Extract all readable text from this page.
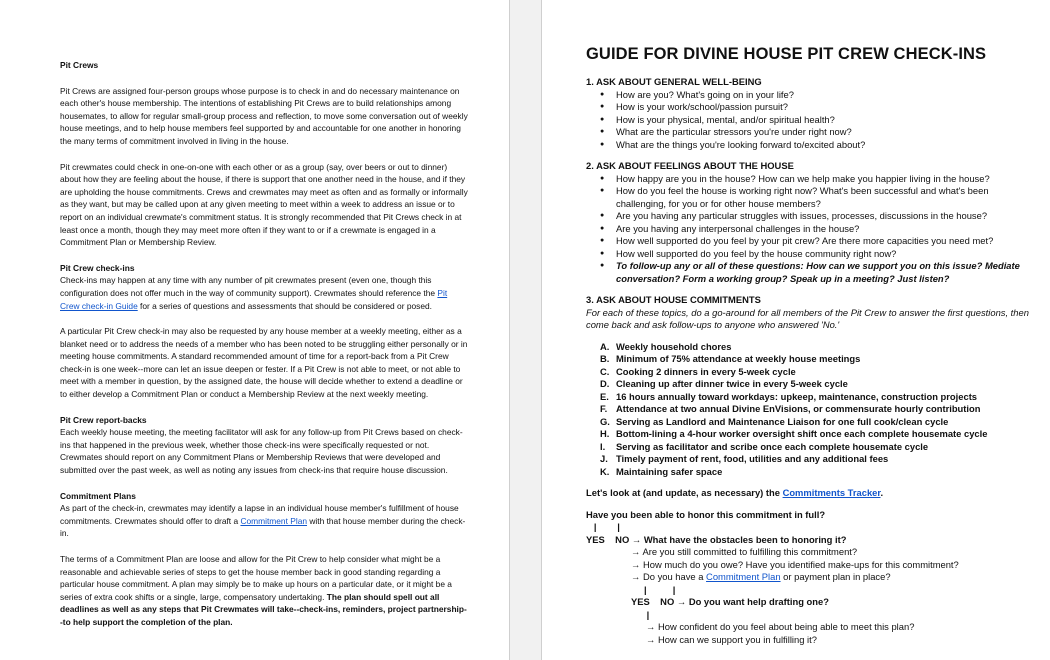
Pit Crews

Pit Crews are assigned four-person groups whose purpose is to check in and do necessary maintenance on each other's house membership. The intentions of establishing Pit Crews are to build relationships among housemates, to allow for regular small-group process and reflection, to move some conversation out of weekly house meetings, and to help house members feel supported by and accountable for one another in honoring the many terms of commitment involved in living in the house.

Pit crewmates could check in one-on-one with each other or as a group (say, over beers or out to dinner) about how they are feeling about the house, if there is support that one another need in the house, and if they are upholding the house commitments. Crews and crewmates may meet as often and as formally or informally as they want, but may be called upon at any given meeting to meet within a week to address an issue or to report on an individual crewmate's commitment status. It is strongly recommended that Pit Crews check in at least once a month, though they may meet more often if they want to or if a crewmate is engaged in a Commitment Plan or Membership Review.

Pit Crew check-ins

Check-ins may happen at any time with any number of pit crewmates present (even one, though this configuration does not offer much in the way of community support). Crewmates should reference the Pit Crew check-in Guide for a series of questions and assessments that should be considered or posed.

A particular Pit Crew check-in may also be requested by any house member at a weekly meeting, either as a blanket need or to address the needs of a member who has been noted to be struggling either personally or in meeting house commitments. A standard recommended amount of time for a report-back from a Pit Crew check-in is one week--more can let an issue deepen or fester. If a Pit Crew is not able to meet, or not able to meet with a member in question, by the assigned date, the house will decide whether to extend a deadline or to either develop a Commitment Plan or conduct a Membership Review at the next weekly meeting.

Pit Crew report-backs

Each weekly house meeting, the meeting facilitator will ask for any follow-up from Pit Crews based on check-ins that happened in the previous week, whether those check-ins were specifically requested or not. Crewmates should report on any Commitment Plans or Membership Reviews that were developed and submitted over the past week, as well as noting any issues from check-ins that require house discussion.

Commitment Plans

As part of the check-in, crewmates may identify a lapse in an individual house member's fulfillment of house commitments. Crewmates should offer to draft a Commitment Plan with that house member during the check-in.

The terms of a Commitment Plan are loose and allow for the Pit Crew to help consider what might be a reasonable and achievable series of steps to get the house member back in good standing regarding a particular house commitment. A plan may simply be to make up hours on a particular date, or it might be a series of extra cook shifts or a single, large, compensatory undertaking. The plan should spell out all deadlines as well as any steps that Pit Crewmates will take--check-ins, reminders, project partnership--to help support the completion of the plan.

GUIDE FOR DIVINE HOUSE PIT CREW CHECK-INS

1. ASK ABOUT GENERAL WELL-BEING

● How are you? What's going on in your life?
● How is your work/school/passion pursuit?
● How is your physical, mental, and/or spiritual health?
● What are the particular stressors you're under right now?
● What are the things you're looking forward to/excited about?

2. ASK ABOUT FEELINGS ABOUT THE HOUSE

● How happy are you in the house? How can we help make you happier living in the house?
● How do you feel the house is working right now? What's been successful and what's been challenging, for you or for other house members?
● Are you having any particular struggles with issues, processes, discussions in the house?
● Are you having any interpersonal challenges in the house?
● How well supported do you feel by your pit crew? Are there more capacities you need met?
● How well supported do you feel by the house community right now?
● To follow-up any or all of these questions: How can we support you on this issue? Mediate conversation? Form a working group? Speak up in a meeting? Just listen?

3. ASK ABOUT HOUSE COMMITMENTS

For each of these topics, do a go-around for all members of the Pit Crew to answer the first questions, then come back and ask follow-ups to anyone who answered 'No.'

A. Weekly household chores
B. Minimum of 75% attendance at weekly house meetings
C. Cooking 2 dinners in every 5-week cycle
D. Cleaning up after dinner twice in every 5-week cycle
E. 16 hours annually toward workdays: upkeep, maintenance, construction projects
F. Attendance at two annual Divine EnVisions, or commensurate hourly contribution
G. Serving as Landlord and Maintenance Liaison for one full cook/clean cycle
H. Bottom-lining a 4-hour worker oversight shift once each complete housemate cycle
I. Serving as facilitator and scribe once each complete housemate cycle
J. Timely payment of rent, food, utilities and any additional fees
K. Maintaining safer space

Let's look at (and update, as necessary) the Commitments Tracker.

Have you been able to honor this commitment in full?

|        |

YES    NO → What have the obstacles been to honoring it?

→ Are you still committed to fulfilling this commitment?

→ How much do you owe? Have you identified make-ups for this commitment?

→ Do you have a Commitment Plan or payment plan in place?

|          |

YES    NO → Do you want help drafting one?

|

→ How confident do you feel about being able to meet this plan?

→ How can we support you in fulfilling it?
